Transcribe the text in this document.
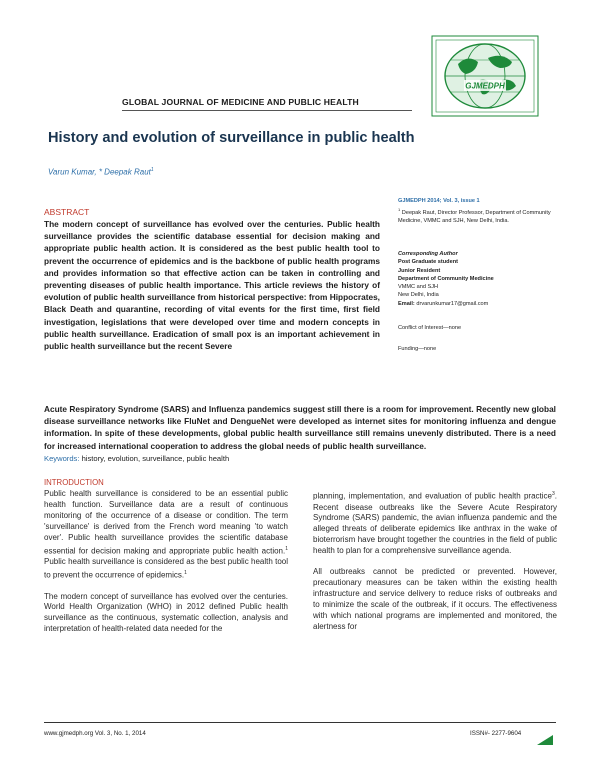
GLOBAL JOURNAL OF MEDICINE AND PUBLIC HEALTH
GJMEDPH
History and evolution of surveillance in public health
Varun Kumar, * Deepak Raut$^1$
ABSTRACT
The modern concept of surveillance has evolved over the centuries. Public health surveillance provides the scientific database essential for decision making and appropriate public health action. It is considered as the best public health tool to prevent the occurrence of epidemics and is the backbone of public health programs and provides information so that effective action can be taken in controlling and preventing diseases of public health importance. This article reviews the history of evolution of public health surveillance from historical perspective: from Hippocrates, Black Death and quarantine, recording of vital events for the first time, first field investigation, legislations that were developed over time and modern concepts in public health surveillance. Eradication of small pox is an important achievement in public health surveillance but the recent Severe
Acute Respiratory Syndrome (SARS) and Influenza pandemics suggest still there is a room for improvement. Recently new global disease surveillance networks like FluNet and DengueNet were developed as internet sites for monitoring influenza and dengue information. In spite of these developments, global public health surveillance still remains unevenly distributed. There is a need for increased international cooperation to address the global needs of public health surveillance.
GJMEDPH 2014; Vol. 3, issue 1
$^1$ Deepak Raut, Director Professor, Department of Community Medicine, VMMC and SJH, New Delhi, India.
Corresponding Author
Post Graduate student
Junior Resident
Department of Community Medicine
VMMC and SJH
New Delhi, India
Email: drvarunkumar17@gmail.com
Conflict of Interest—none
Funding—none
Keywords: history, evolution, surveillance, public health
INTRODUCTION

Public health surveillance is considered to be an essential public health function. Surveillance data are a result of continuous monitoring of the occurrence of a disease or condition. The term 'surveillance' is derived from the French word meaning 'to watch over'. Public health surveillance provides the scientific database essential for decision making and appropriate public health action.$^1$ Public health surveillance is considered as the best public health tool to prevent the occurrence of epidemics.$^1$

The modern concept of surveillance has evolved over the centuries. World Health Organization (WHO) in 2012 defined Public health surveillance as the continuous, systematic collection, analysis and interpretation of health-related data needed for the

planning, implementation, and evaluation of public health practice$^3$. Recent disease outbreaks like the Severe Acute Respiratory Syndrome (SARS) pandemic, the avian influenza pandemic and the alleged threats of deliberate epidemics like anthrax in the wake of bioterrorism have brought together the countries in the field of public health to plan for a comprehensive surveillance agenda.

All outbreaks cannot be predicted or prevented. However, precautionary measures can be taken within the existing health infrastructure and service delivery to reduce risks of outbreaks and to minimize the scale of the outbreak, if it occurs. The effectiveness with which national programs are implemented and monitored, the alertness for

www.gjmedph.org Vol. 3, No. 1, 2014	ISSN#- 2277-9604
